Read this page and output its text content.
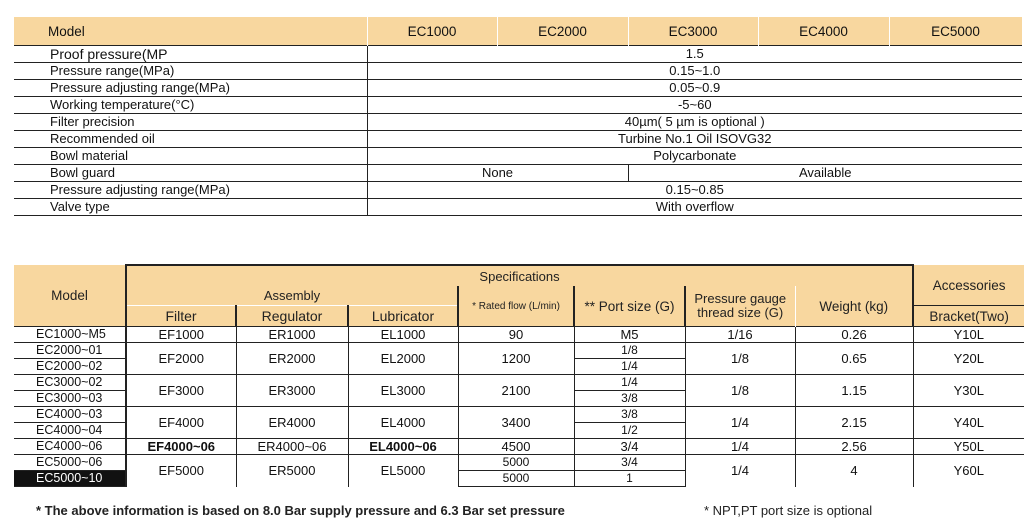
Model	EC1000	EC2000	EC3000	EC4000	EC5000
Proof pressure(MP	1.5				
Pressure range(MPa)	0.15~1.0				
Pressure adjusting range(MPa)	0.05~0.9				
Working temperature(°C)	-5~60				
Filter precision	40µm( 5 µm is optional )				
Recommended oil	Turbine No.1 Oil ISOVG32				
Bowl material	Polycarbonate				
Bowl guard	None		Available		
Pressure adjusting range(MPa)	0.15~0.85				
Valve type	With overflow				
Model	Specifications							Accessories
	Assembly			* Rated flow (L/min)	** Port size (G)	Pressure gauge thread size (G)	Weight (kg)	
	Filter	Regulator	Lubricator					Bracket(Two)
EC1000~M5	EF1000	ER1000	EL1000	90	M5	1/16	0.26	Y10L
EC2000~01	EF2000	ER2000	EL2000	1200	1/8	1/8	0.65	Y20L
EC2000~02					1/4			
EC3000~02	EF3000	ER3000	EL3000	2100	1/4	1/8	1.15	Y30L
EC3000~03					3/8			
EC4000~03	EF4000	ER4000	EL4000	3400	3/8	1/4	2.15	Y40L
EC4000~04					1/2			
EC4000~06	EF4000~06	ER4000~06	EL4000~06	4500	3/4	1/4	2.56	Y50L
EC5000~06	EF5000	ER5000	EL5000	5000	3/4	1/4	4	Y60L
EC5000~10				5000	1			
* The above information is based on 8.0 Bar supply pressure and 6.3 Bar set pressure	* NPT,PT port size is optional
